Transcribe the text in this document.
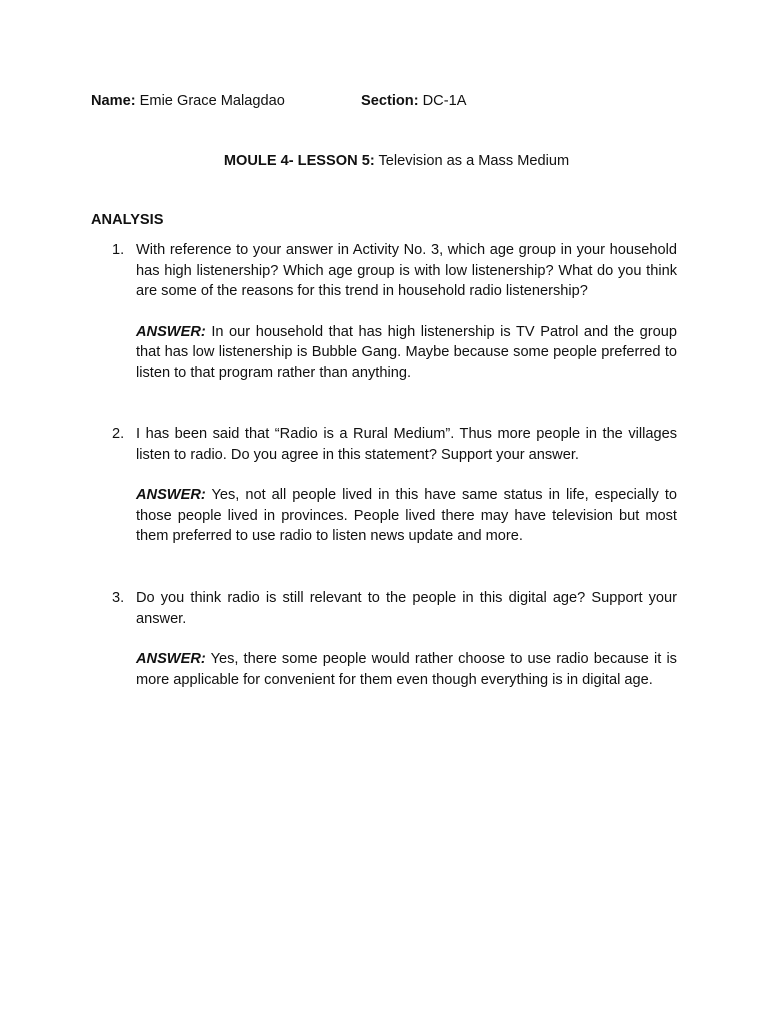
Name: Emie Grace Malagdao	Section: DC-1A
MOULE 4- LESSON 5: Television as a Mass Medium
ANALYSIS
1. With reference to your answer in Activity No. 3, which age group in your household has high listenership? Which age group is with low listenership? What do you think are some of the reasons for this trend in household radio listenership?
ANSWER: In our household that has high listenership is TV Patrol and the group that has low listenership is Bubble Gang. Maybe because some people preferred to listen to that program rather than anything.
2. I has been said that “Radio is a Rural Medium”. Thus more people in the villages listen to radio. Do you agree in this statement? Support your answer.
ANSWER: Yes, not all people lived in this have same status in life, especially to those people lived in provinces. People lived there may have television but most them preferred to use radio to listen news update and more.
3. Do you think radio is still relevant to the people in this digital age? Support your answer.
ANSWER: Yes, there some people would rather choose to use radio because it is more applicable for convenient for them even though everything is in digital age.
